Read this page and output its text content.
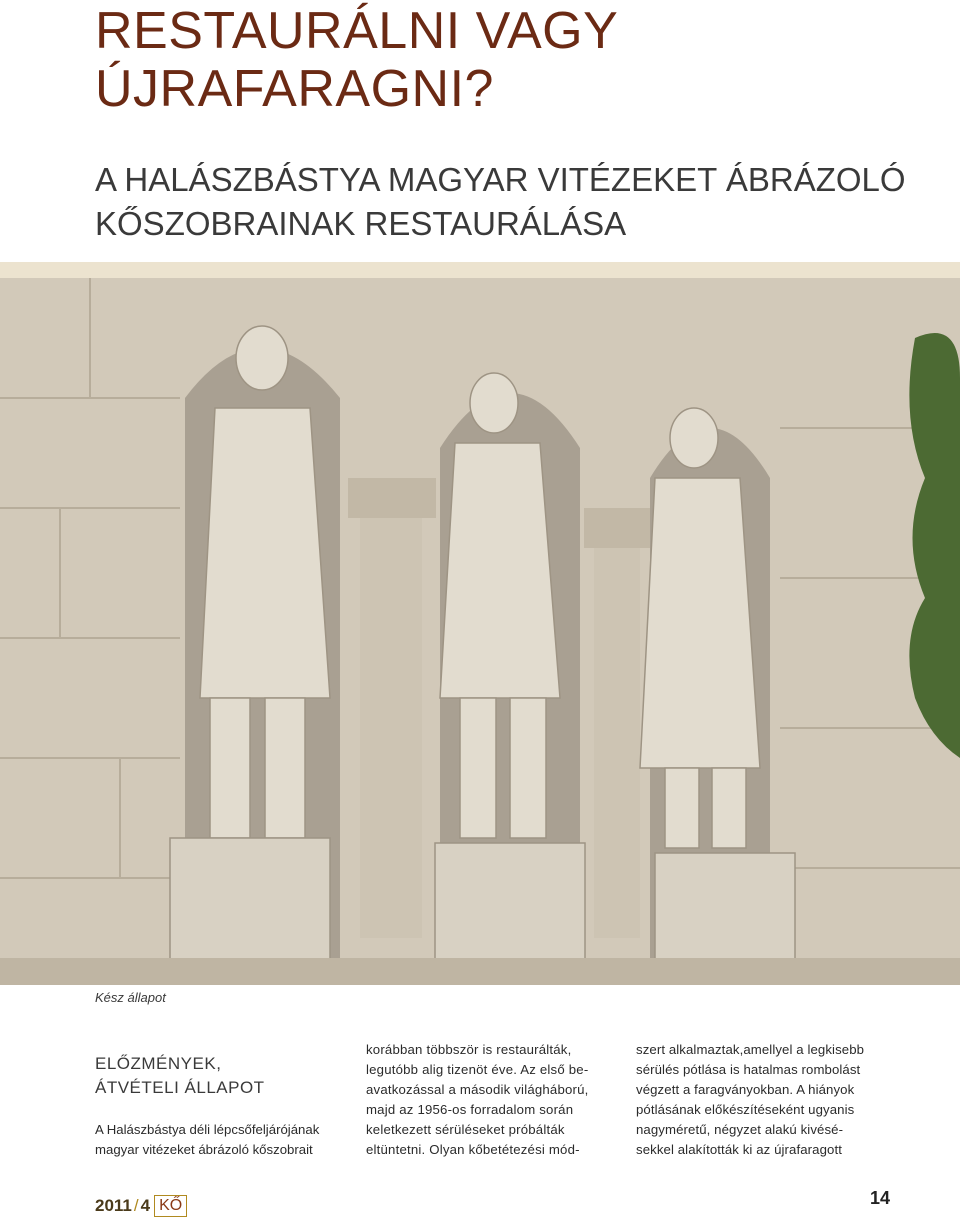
RESTAURÁLNI VAGY ÚJRAFARAGNI?
A HALÁSZBÁSTYA MAGYAR VITÉZEKET ÁBRÁZOLÓ KŐSZOBRAINAK RESTAURÁLÁSA
Kész állapot
ELŐZMÉNYEK,
ÁTVÉTELI ÁLLAPOT
A Halászbástya déli lépcsőfeljárójának
magyar vitézeket ábrázoló kőszobrait
korábban többször is restaurálták,
legutóbb alig tizenöt éve. Az első be-
avatkozással a második világháború,
majd az 1956-os forradalom során
keletkezett sérüléseket próbálták
eltüntetni. Olyan kőbetétezési mód-
szert alkalmaztak,amellyel a legkisebb
sérülés pótlása is hatalmas rombolást
végzett a faragványokban. A hiányok
pótlásának előkészítéseként ugyanis
nagyméretű, négyzet alakú kivésé-
sekkel alakították ki az újrafaragott
2011 / 4 KŐ	14
